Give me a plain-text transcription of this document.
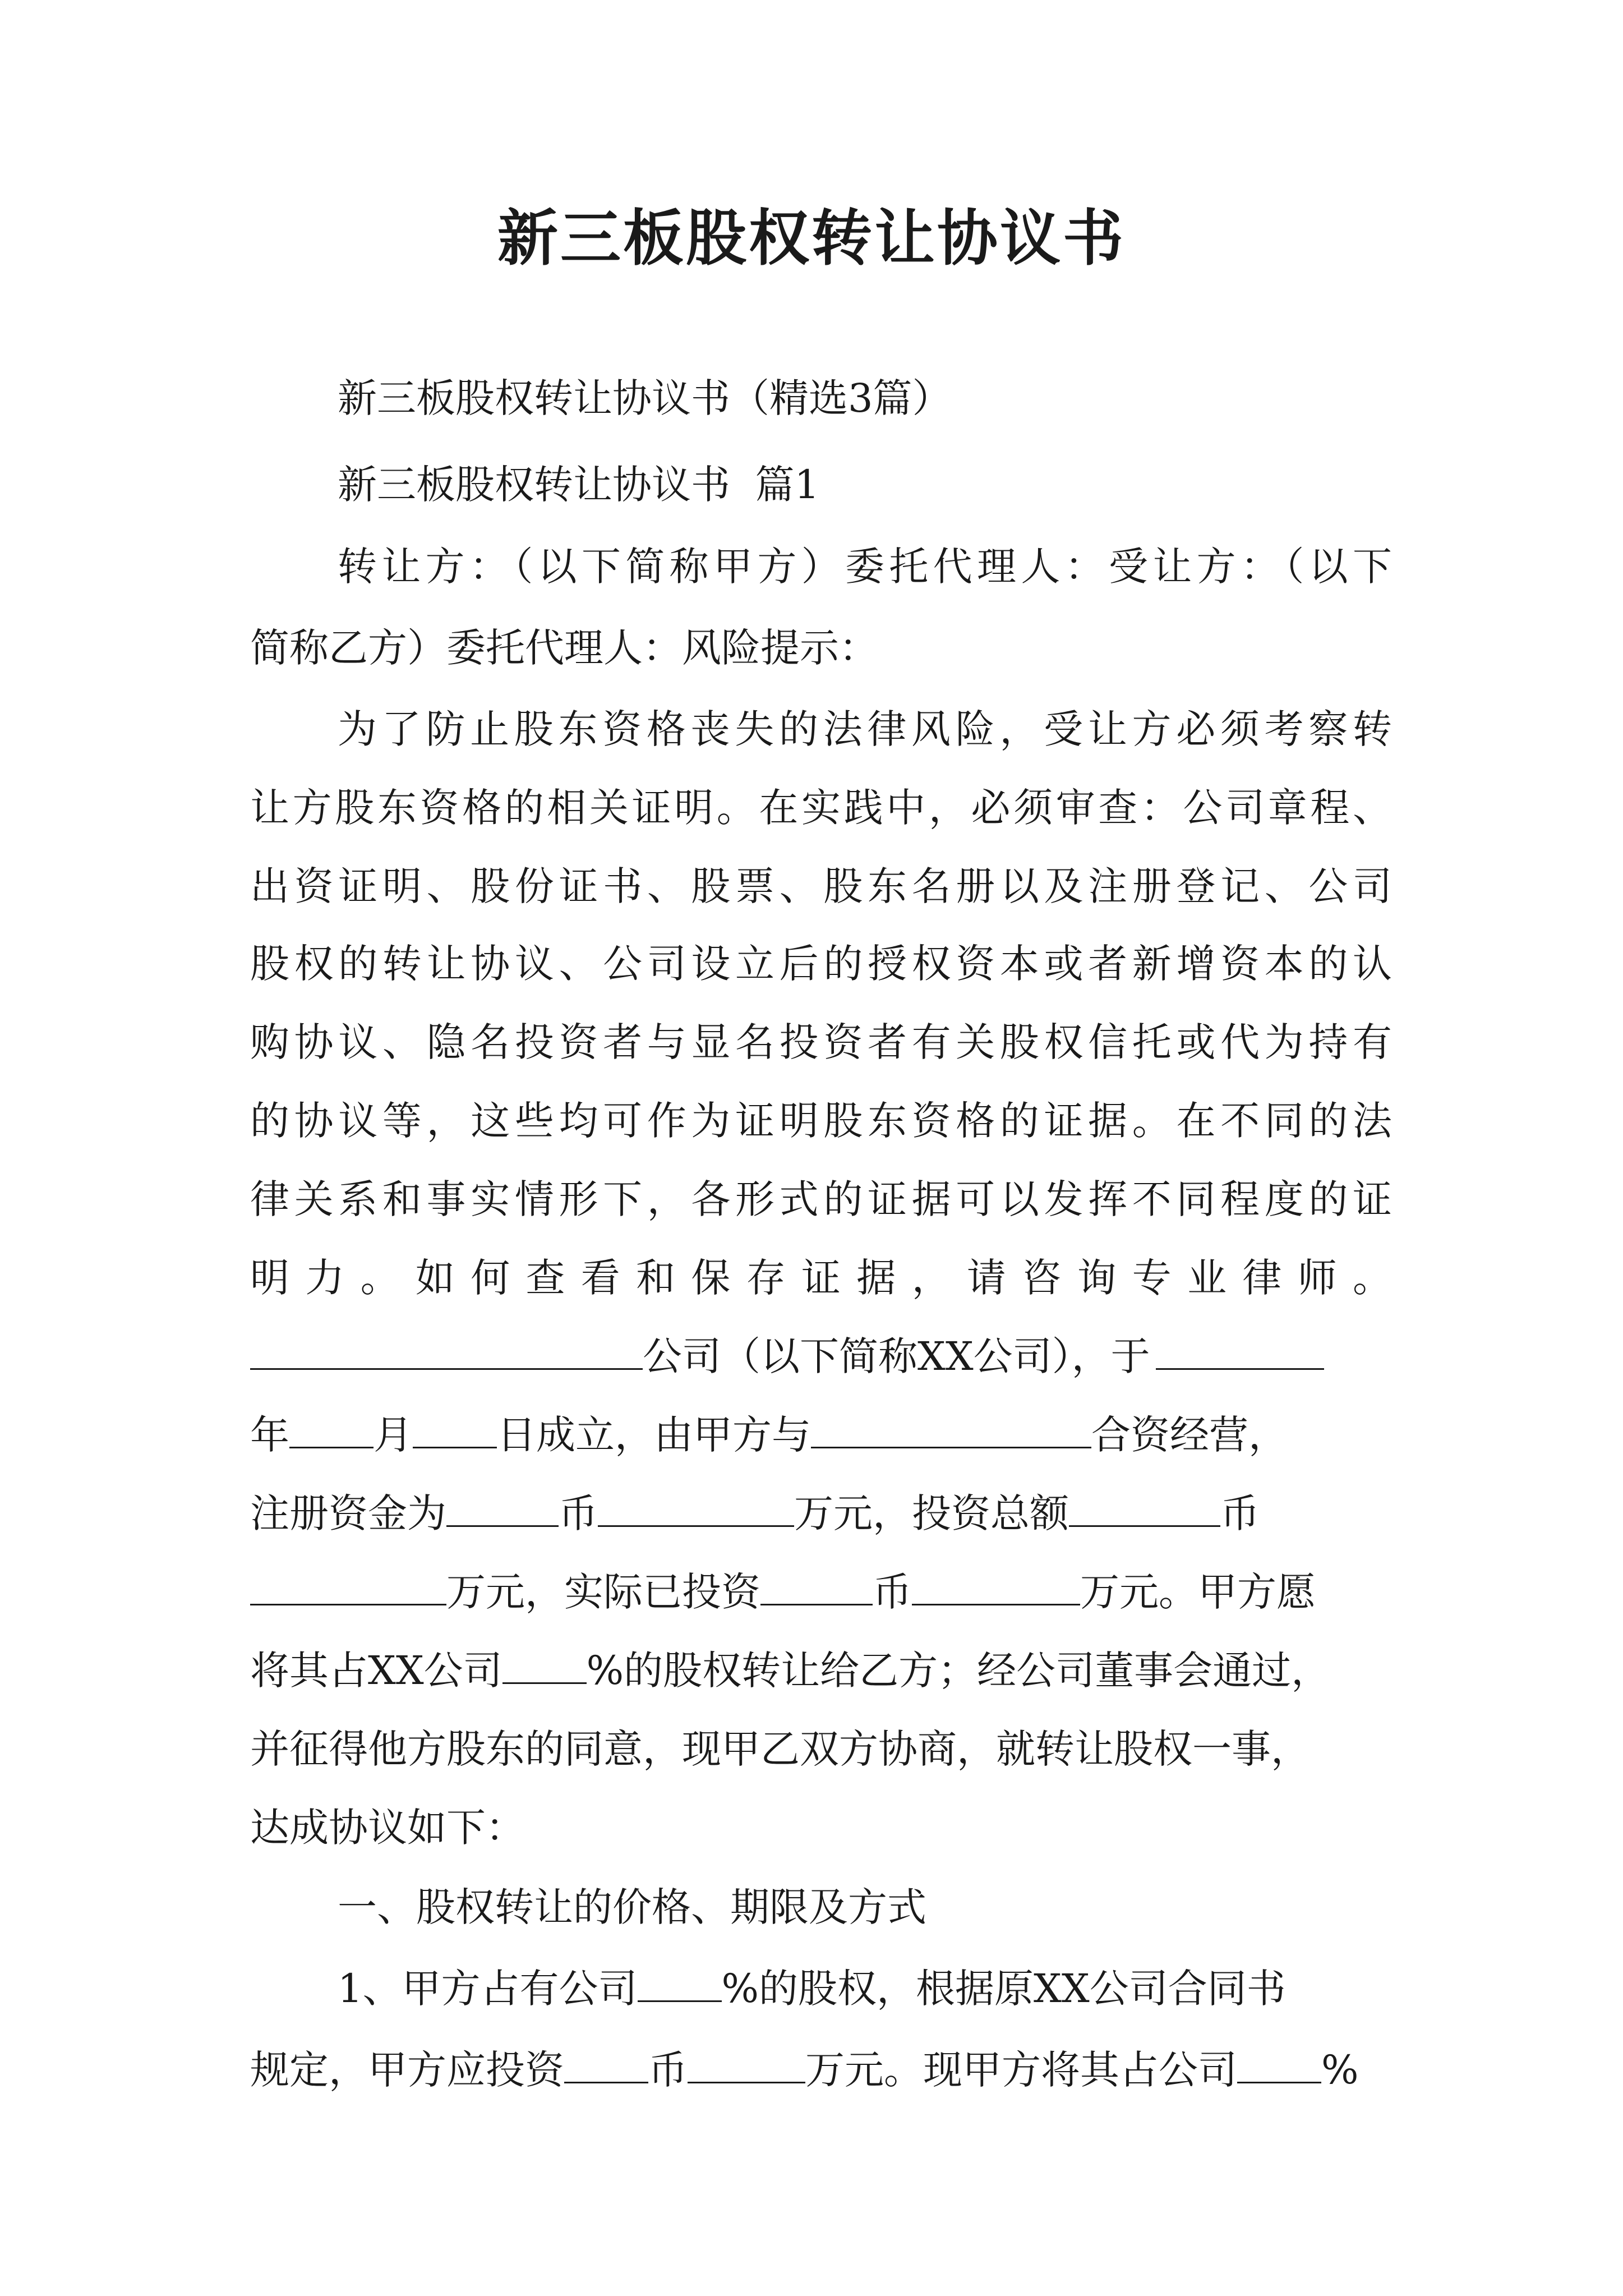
新三板股权转让协议书
新三板股权转让协议书（精选3篇）
新三板股权转让协议书  篇1
转让方：（以下简称甲方）委托代理人：受让方：（以下
简称乙方）委托代理人：风险提示：
为了防止股东资格丧失的法律风险，受让方必须考察转
让方股东资格的相关证明。在实践中，必须审查：公司章程、
出资证明、股份证书、股票、股东名册以及注册登记、公司
股权的转让协议、公司设立后的授权资本或者新增资本的认
购协议、隐名投资者与显名投资者有关股权信托或代为持有
的协议等，这些均可作为证明股东资格的证据。在不同的法
律关系和事实情形下，各形式的证据可以发挥不同程度的证
明力。如何查看和保存证据，请咨询专业律师。
公司（以下简称XX公司），于
年 月 日成立，由甲方与	合资经营，
注册资金为	币	万元，投资总额	币
万元，实际已投资	币	万元。甲方愿
将其占XX公司 %的股权转让给乙方；经公司董事会通过，
并征得他方股东的同意，现甲乙双方协商，就转让股权一事，
达成协议如下：
一、股权转让的价格、期限及方式
1、甲方占有公司 %的股权，根据原XX公司合同书
规定，甲方应投资 币	万元。现甲方将其占公司 %
